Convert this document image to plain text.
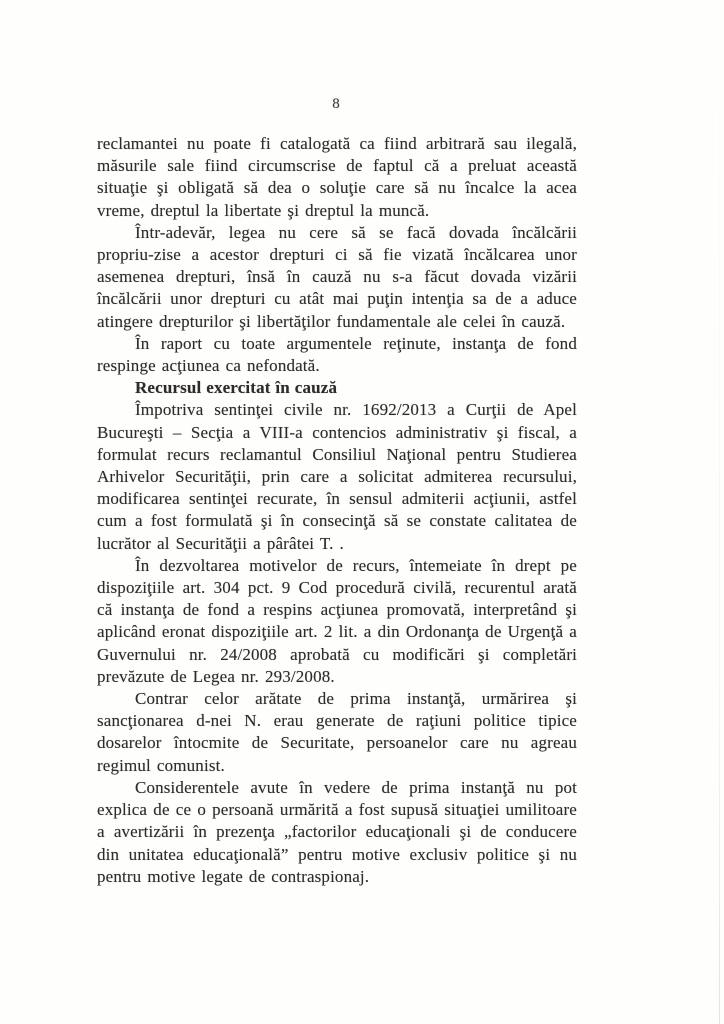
8

reclamantei nu poate fi catalogată ca fiind arbitrară sau ilegală, măsurile sale fiind circumscrise de faptul că a preluat această situaţie şi obligată să dea o soluţie care să nu încalce la acea vreme, dreptul la libertate şi dreptul la muncă.

Într-adevăr, legea nu cere să se facă dovada încălcării propriu-zise a acestor drepturi ci să fie vizată încălcarea unor asemenea drepturi, însă în cauză nu s-a făcut dovada vizării încălcării unor drepturi cu atât mai puţin intenţia sa de a aduce atingere drepturilor şi libertăţilor fundamentale ale celei în cauză.

În raport cu toate argumentele reţinute, instanţa de fond respinge acţiunea ca nefondată.

Recursul exercitat în cauză

Împotriva sentinţei civile nr. 1692/2013 a Curţii de Apel Bucureşti – Secţia a VIII-a contencios administrativ şi fiscal, a formulat recurs reclamantul Consiliul Naţional pentru Studierea Arhivelor Securităţii, prin care a solicitat admiterea recursului, modificarea sentinţei recurate, în sensul admiterii acţiunii, astfel cum a fost formulată şi în consecinţă să se constate calitatea de lucrător al Securităţii a pârâtei T. .

În dezvoltarea motivelor de recurs, întemeiate în drept pe dispoziţiile art. 304 pct. 9 Cod procedură civilă, recurentul arată că instanţa de fond a respins acţiunea promovată, interpretând şi aplicând eronat dispoziţiile art. 2 lit. a din Ordonanţa de Urgenţă a Guvernului nr. 24/2008 aprobată cu modificări şi completări prevăzute de Legea nr. 293/2008.

Contrar celor arătate de prima instanţă, urmărirea şi sancţionarea d-nei N. erau generate de raţiuni politice tipice dosarelor întocmite de Securitate, persoanelor care nu agreau regimul comunist.

Considerentele avute în vedere de prima instanţă nu pot explica de ce o persoană urmărită a fost supusă situaţiei umilitoare a avertizării în prezenţa „factorilor educaţionali şi de conducere din unitatea educaţională” pentru motive exclusiv politice şi nu pentru motive legate de contraspionaj.
